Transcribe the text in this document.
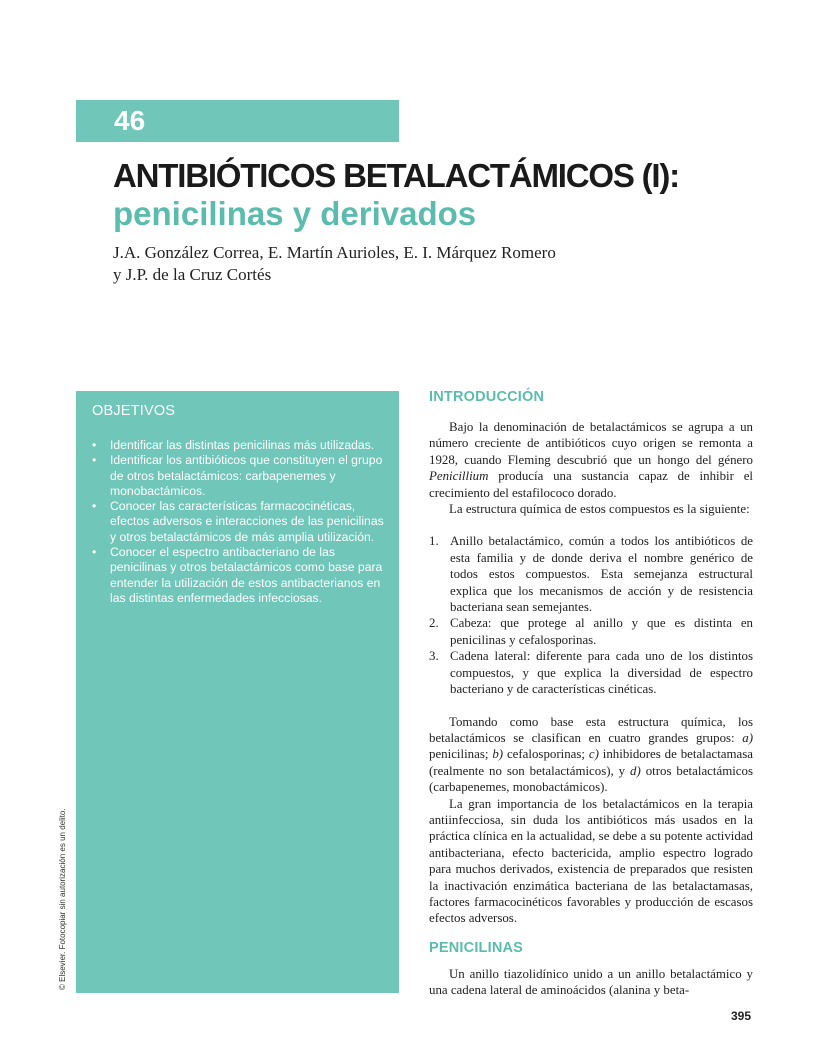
46
ANTIBIÓTICOS BETALACTÁMICOS (I):
penicilinas y derivados
J.A. González Correa, E. Martín Aurioles, E. I. Márquez Romero
y J.P. de la Cruz Cortés
© Elsevier. Fotocopiar sin autorización es un delito.
OBJETIVOS
• Identificar las distintas penicilinas más utilizadas.
• Identificar los antibióticos que constituyen el grupo de otros betalactámicos: carbapenemes y monobactámicos.
• Conocer las características farmacocinéticas, efectos adversos e interacciones de las penicilinas y otros betalactámicos de más amplia utilización.
• Conocer el espectro antibacteriano de las penicilinas y otros betalactámicos como base para entender la utilización de estos antibacterianos en las distintas enfermedades infecciosas.
INTRODUCCIÓN

Bajo la denominación de betalactámicos se agrupa a un número creciente de antibióticos cuyo origen se remonta a 1928, cuando Fleming descubrió que un hongo del género Penicillium producía una sustancia capaz de inhibir el crecimiento del estafilococo dorado.

La estructura química de estos compuestos es la siguiente:

1. Anillo betalactámico, común a todos los antibióticos de esta familia y de donde deriva el nombre genérico de todos estos compuestos. Esta semejanza estructural explica que los mecanismos de acción y de resistencia bacteriana sean semejantes.
2. Cabeza: que protege al anillo y que es distinta en penicilinas y cefalosporinas.
3. Cadena lateral: diferente para cada uno de los distintos compuestos, y que explica la diversidad de espectro bacteriano y de características cinéticas.

Tomando como base esta estructura química, los betalactámicos se clasifican en cuatro grandes grupos: a) penicilinas; b) cefalosporinas; c) inhibidores de betalactamasa (realmente no son betalactámicos), y d) otros betalactámicos (carbapenemes, monobactámicos).

La gran importancia de los betalactámicos en la terapia antiinfecciosa, sin duda los antibióticos más usados en la práctica clínica en la actualidad, se debe a su potente actividad antibacteriana, efecto bactericida, amplio espectro logrado para muchos derivados, existencia de preparados que resisten la inactivación enzimática bacteriana de las betalactamasas, factores farmacocinéticos favorables y producción de escasos efectos adversos.

PENICILINAS

Un anillo tiazolidínico unido a un anillo betalactámico y una cadena lateral de aminoácidos (alanina y beta-

395
